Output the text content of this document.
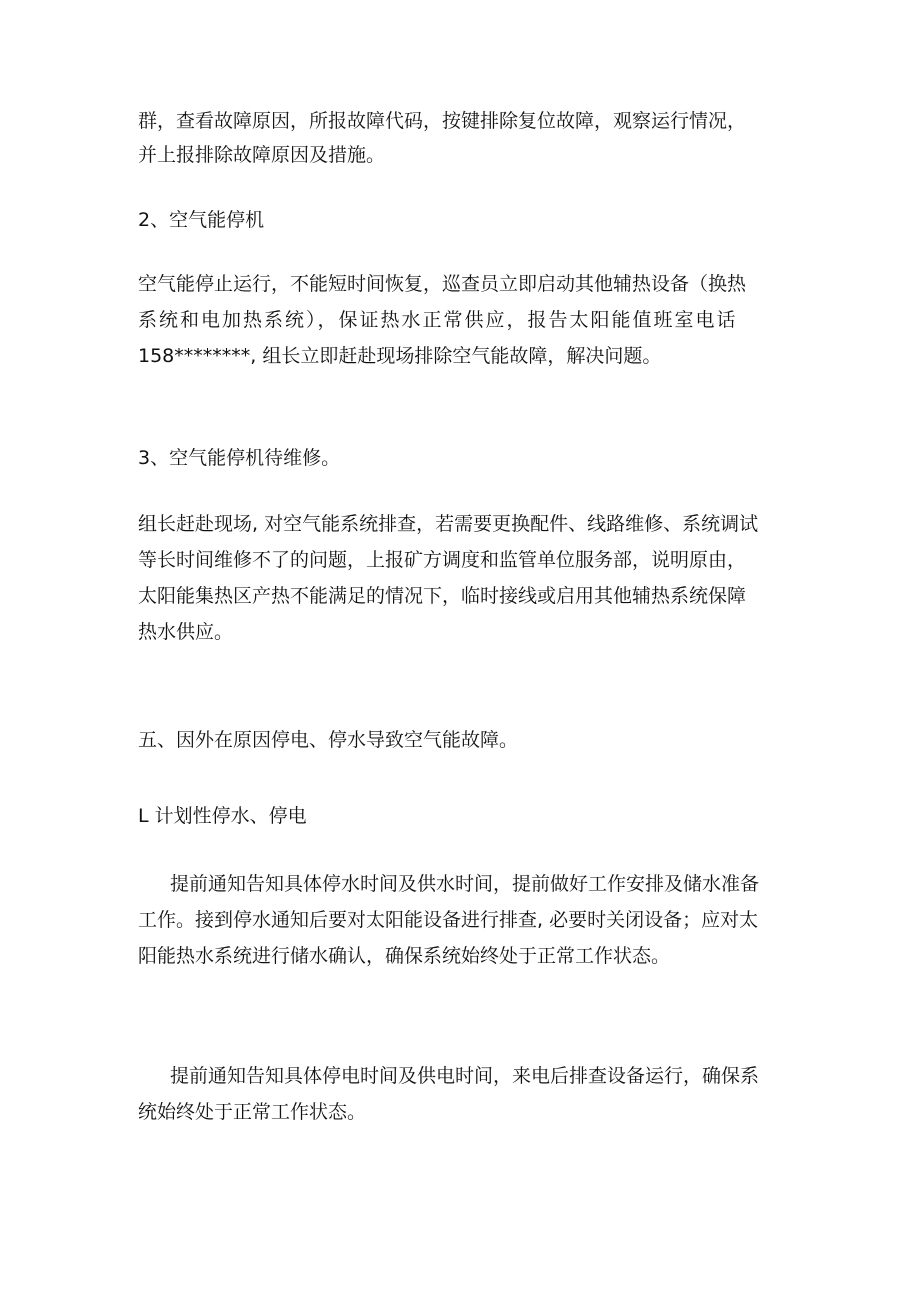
群，查看故障原因，所报故障代码，按键排除复位故障，观察运行情况，
并上报排除故障原因及措施。
2、空气能停机
空气能停止运行，不能短时间恢复，巡查员立即启动其他辅热设备（换热
系统和电加热系统），保证热水正常供应，报告太阳能值班室电话
158********, 组长立即赶赴现场排除空气能故障，解决问题。
3、空气能停机待维修。
组长赶赴现场, 对空气能系统排查，若需要更换配件、线路维修、系统调试
等长时间维修不了的问题，上报矿方调度和监管单位服务部，说明原由，
太阳能集热区产热不能满足的情况下，临时接线或启用其他辅热系统保障
热水供应。
五、因外在原因停电、停水导致空气能故障。
L 计划性停水、停电
提前通知告知具体停水时间及供水时间，提前做好工作安排及储水准备
工作。接到停水通知后要对太阳能设备进行排查, 必要时关闭设备；应对太
阳能热水系统进行储水确认，确保系统始终处于正常工作状态。
提前通知告知具体停电时间及供电时间，来电后排查设备运行，确保系
统始终处于正常工作状态。
